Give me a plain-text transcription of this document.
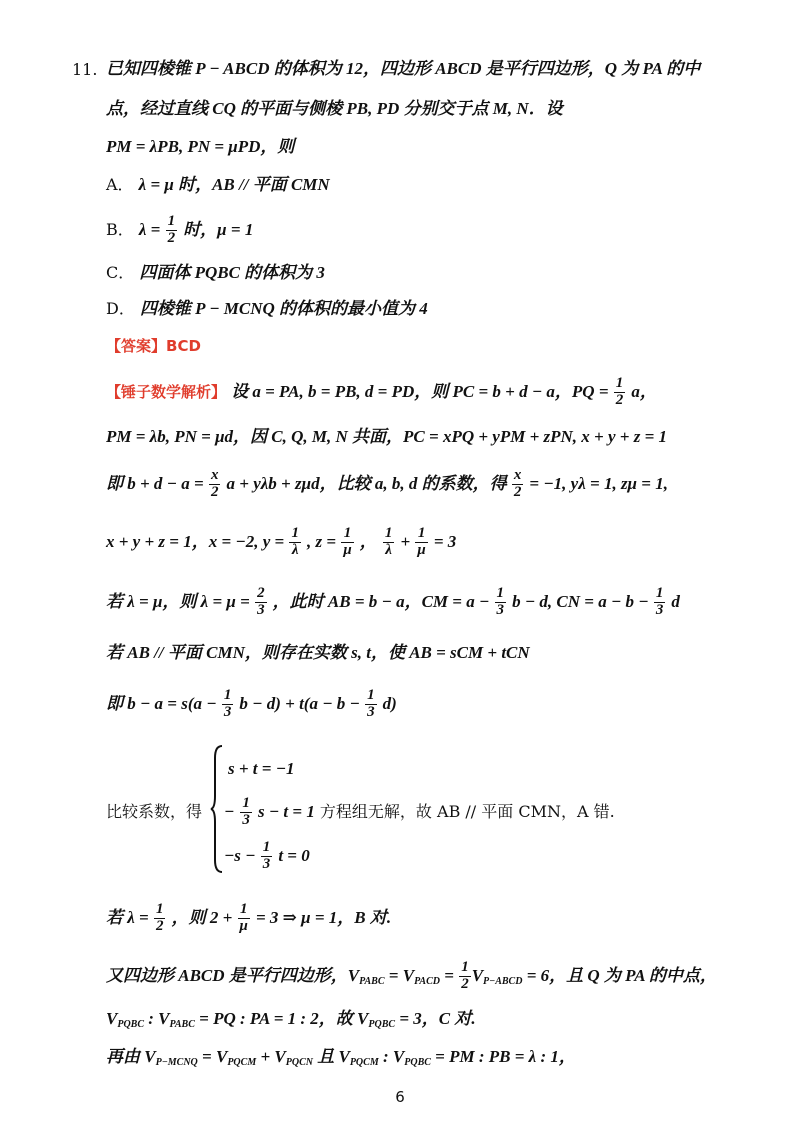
11. 已知四棱锥 P − ABCD 的体积为 12，四边形 ABCD 是平行四边形，Q 为 PA 的中
点，经过直线 CQ 的平面与侧棱 PB, PD 分别交于点 M, N．设
PM = λPB, PN = μPD，则
A． λ = μ 时，AB // 平面 CMN
B． $\lambda = \frac{1}{2}$ 时，μ = 1
C． 四面体 PQBC 的体积为 3
D． 四棱锥 P − MCNQ 的体积的最小值为 4
【答案】BCD
【锤子数学解析】 设 a = PA, b = PB, d = PD，则 PC = b + d − a，PQ = $\frac{1}{2}$ a，
PM = λb, PN = μd，因 C, Q, M, N 共面，PC = xPQ + yPM + zPN, x + y + z = 1
即 $b + d - a = \frac{x}{2}$ a + yλb + zμd，比较 a, b, d 的系数，得 $\frac{x}{2} = -1$, yλ = 1, zμ = 1,
x + y + z = 1，x = −2, $y = \frac{1}{\lambda}$ , $z = \frac{1}{\mu}$ ， $\frac{1}{\lambda} + \frac{1}{\mu} = 3$
若 λ = μ，则 $\lambda = \mu = \frac{2}{3}$ ，此时 AB = b − a，CM = $a - \frac{1}{3}$ b − d, CN = $a - b - \frac{1}{3}$ d
若 AB // 平面 CMN，则存在实数 s, t，使 AB = sCM + tCN
即 $b - a = s(a - \frac{1}{3}$ $b - d) + t(a - b - \frac{1}{3} d)$
比较系数，得
s + t = −1
− $\frac{1}{3}$ s − t = 1 方程组无解，故 AB // 平面 CMN，A 错.
$-s - \frac{1}{3}$ t = 0
若 $\lambda = \frac{1}{2}$ ，则 $2 + \frac{1}{\mu} = 3$ ⇒ μ = 1，B 对.
又四边形 ABCD 是平行四边形，$V_{PABC} = V_{PACD} = \frac{1}{2} V_{P-ABCD} = 6$，且 Q 为 PA 的中点，
$V_{PQBC}$ : $V_{PABC}$ = PQ : PA = 1 : 2，故 $V_{PQBC} = 3$，C 对.
再由 $V_{P-MCNQ} = V_{PQCM} + V_{PQCN}$ 且 $V_{PQCM}$ : $V_{PQBC}$ = PM : PB = λ : 1，
6
